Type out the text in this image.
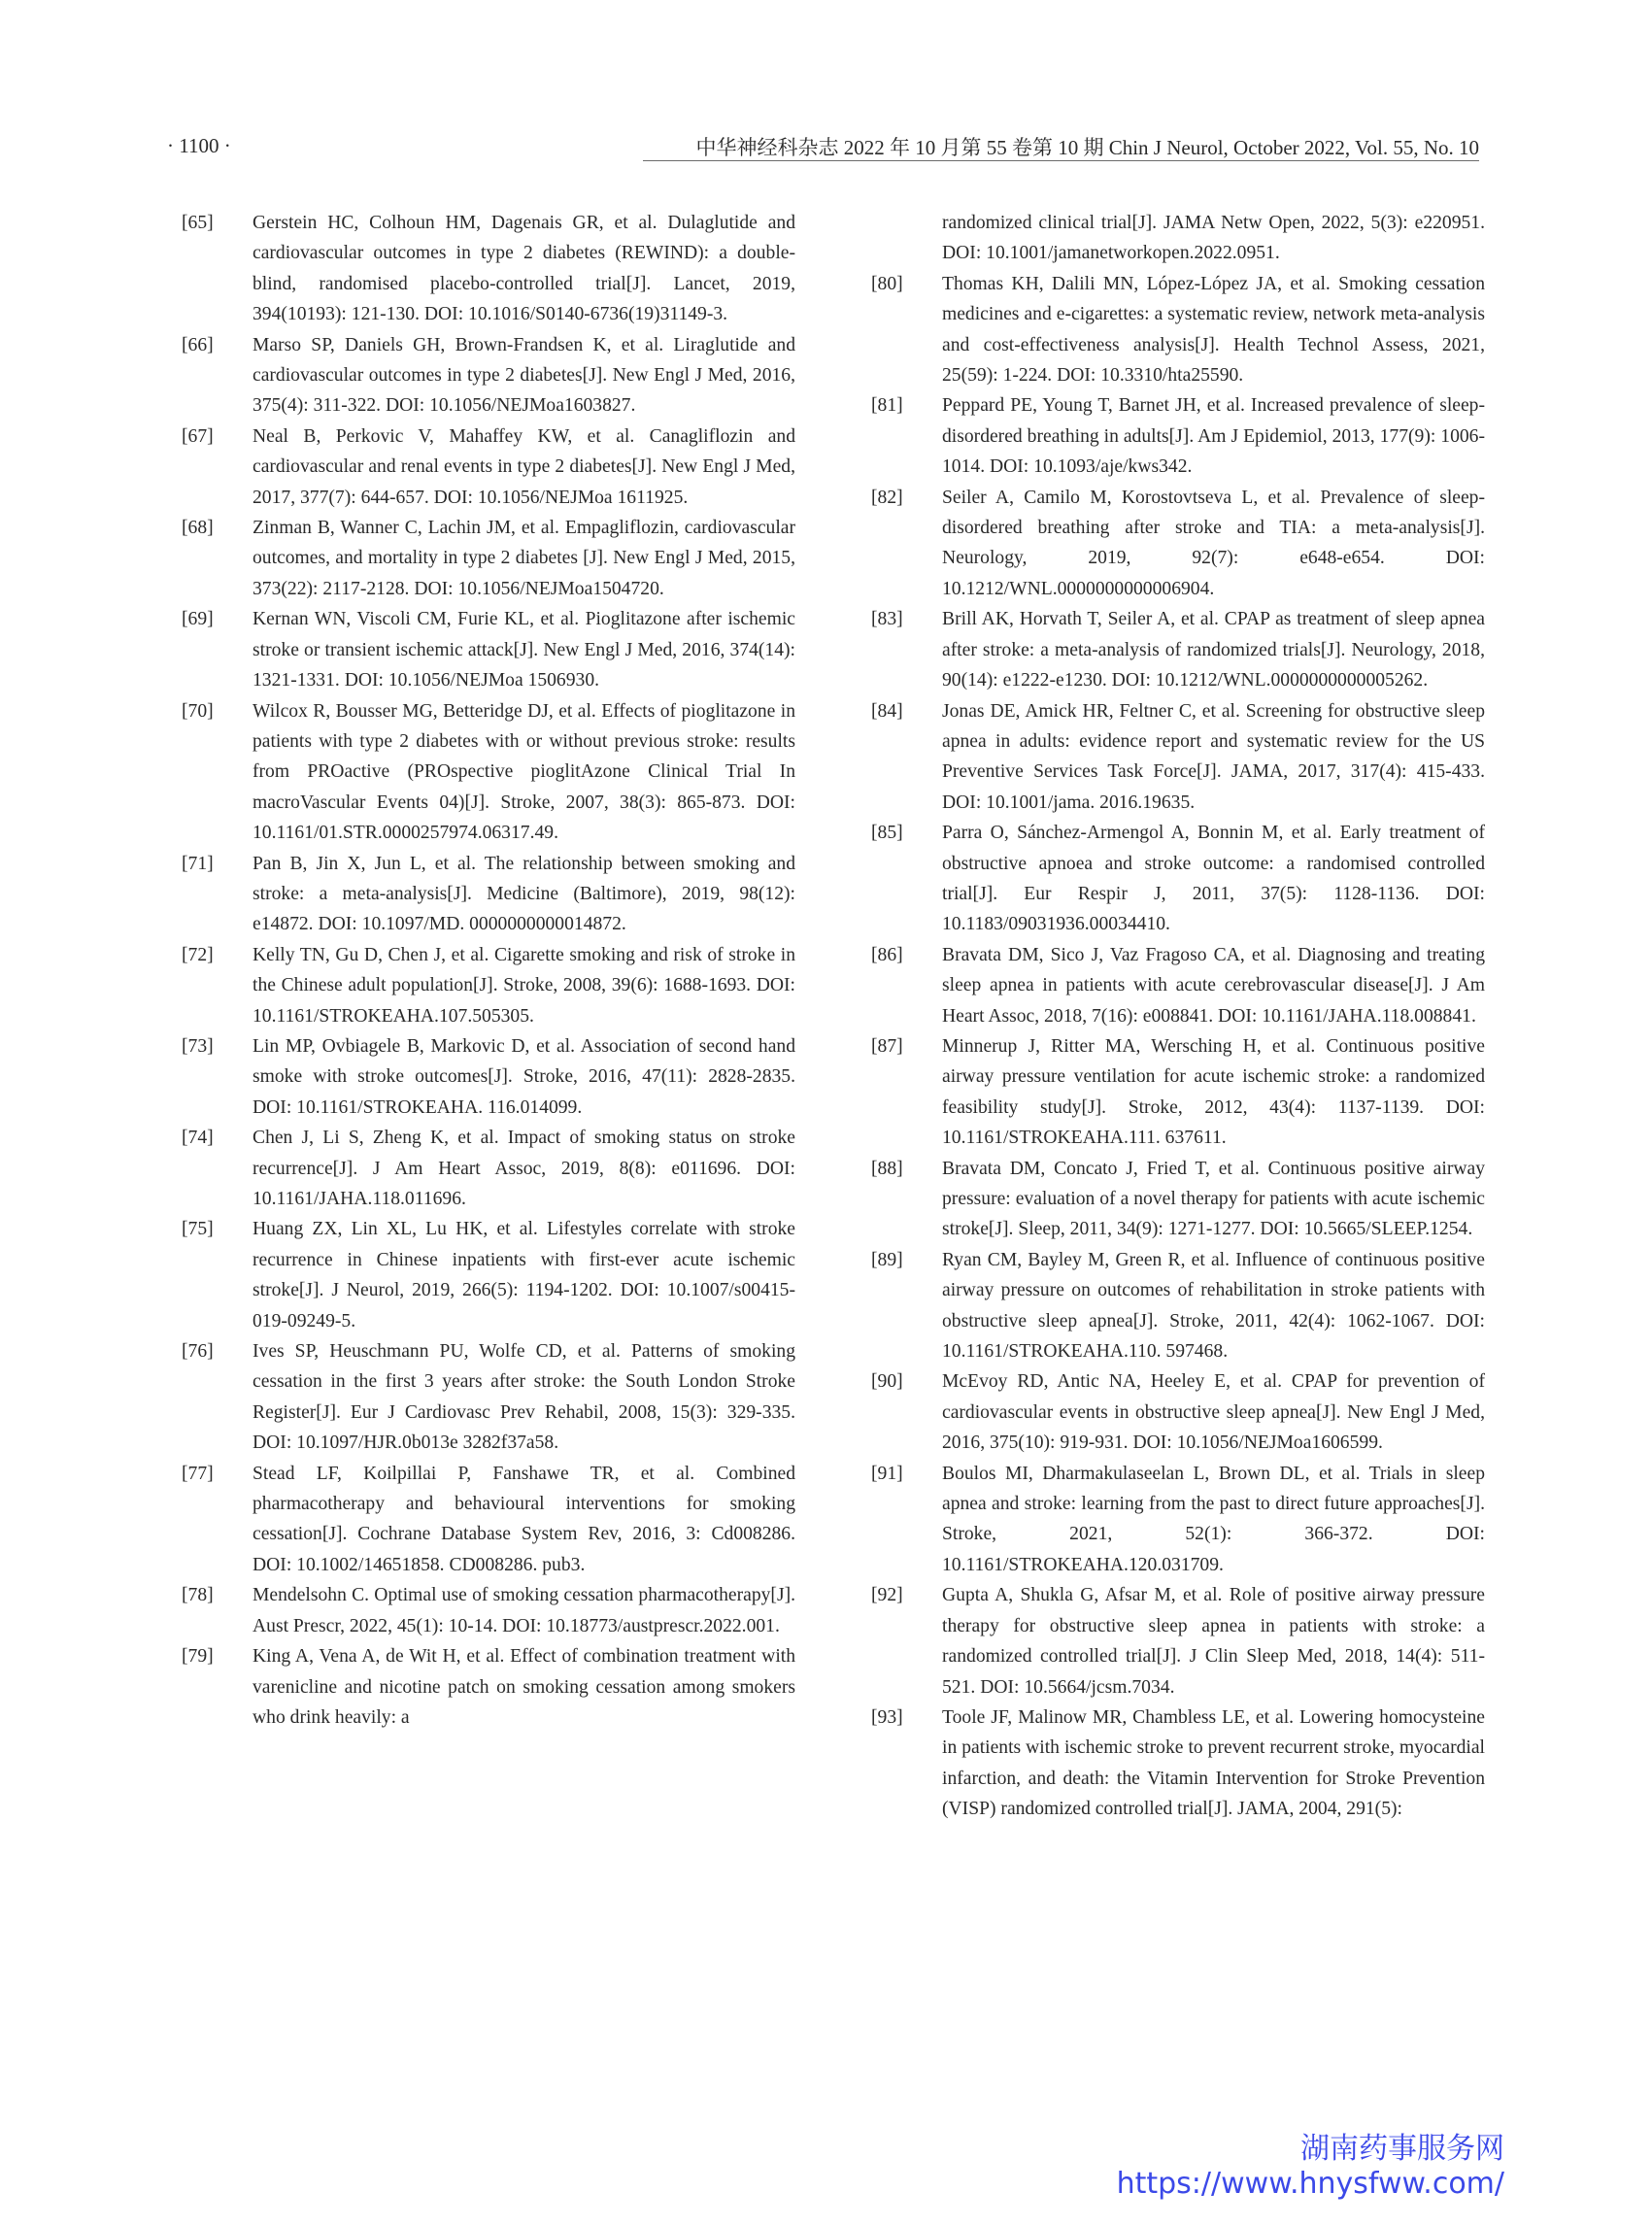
· 1100 ·	中华神经科杂志 2022 年 10 月第 55 卷第 10 期 Chin J Neurol, October 2022, Vol. 55, No. 10
[65]	Gerstein HC, Colhoun HM, Dagenais GR, et al. Dulaglutide and cardiovascular outcomes in type 2 diabetes (REWIND): a double-blind, randomised placebo-controlled trial[J]. Lancet, 2019, 394(10193): 121-130. DOI: 10.1016/S0140-6736(19)31149-3.
[66]	Marso SP, Daniels GH, Brown-Frandsen K, et al. Liraglutide and cardiovascular outcomes in type 2 diabetes[J]. New Engl J Med, 2016, 375(4): 311-322. DOI: 10.1056/NEJMoa1603827.
[67]	Neal B, Perkovic V, Mahaffey KW, et al. Canagliflozin and cardiovascular and renal events in type 2 diabetes[J]. New Engl J Med, 2017, 377(7): 644-657. DOI: 10.1056/NEJMoa 1611925.
[68]	Zinman B, Wanner C, Lachin JM, et al. Empagliflozin, cardiovascular outcomes, and mortality in type 2 diabetes [J]. New Engl J Med, 2015, 373(22): 2117-2128. DOI: 10.1056/NEJMoa1504720.
[69]	Kernan WN, Viscoli CM, Furie KL, et al. Pioglitazone after ischemic stroke or transient ischemic attack[J]. New Engl J Med, 2016, 374(14): 1321-1331. DOI: 10.1056/NEJMoa 1506930.
[70]	Wilcox R, Bousser MG, Betteridge DJ, et al. Effects of pioglitazone in patients with type 2 diabetes with or without previous stroke: results from PROactive (PROspective pioglitAzone Clinical Trial In macroVascular Events 04)[J]. Stroke, 2007, 38(3): 865-873. DOI: 10.1161/01.STR.0000257974.06317.49.
[71]	Pan B, Jin X, Jun L, et al. The relationship between smoking and stroke: a meta-analysis[J]. Medicine (Baltimore), 2019, 98(12): e14872. DOI: 10.1097/MD. 0000000000014872.
[72]	Kelly TN, Gu D, Chen J, et al. Cigarette smoking and risk of stroke in the Chinese adult population[J]. Stroke, 2008, 39(6): 1688-1693. DOI: 10.1161/STROKEAHA.107.505305.
[73]	Lin MP, Ovbiagele B, Markovic D, et al. Association of second hand smoke with stroke outcomes[J]. Stroke, 2016, 47(11): 2828-2835. DOI: 10.1161/STROKEAHA. 116.014099.
[74]	Chen J, Li S, Zheng K, et al. Impact of smoking status on stroke recurrence[J]. J Am Heart Assoc, 2019, 8(8): e011696. DOI: 10.1161/JAHA.118.011696.
[75]	Huang ZX, Lin XL, Lu HK, et al. Lifestyles correlate with stroke recurrence in Chinese inpatients with first-ever acute ischemic stroke[J]. J Neurol, 2019, 266(5): 1194-1202. DOI: 10.1007/s00415-019-09249-5.
[76]	Ives SP, Heuschmann PU, Wolfe CD, et al. Patterns of smoking cessation in the first 3 years after stroke: the South London Stroke Register[J]. Eur J Cardiovasc Prev Rehabil, 2008, 15(3): 329-335. DOI: 10.1097/HJR.0b013e 3282f37a58.
[77]	Stead LF, Koilpillai P, Fanshawe TR, et al. Combined pharmacotherapy and behavioural interventions for smoking cessation[J]. Cochrane Database System Rev, 2016, 3: Cd008286. DOI: 10.1002/14651858. CD008286. pub3.
[78]	Mendelsohn C. Optimal use of smoking cessation pharmacotherapy[J]. Aust Prescr, 2022, 45(1): 10-14. DOI: 10.18773/austprescr.2022.001.
[79]	King A, Vena A, de Wit H, et al. Effect of combination treatment with varenicline and nicotine patch on smoking cessation among smokers who drink heavily: a

randomized clinical trial[J]. JAMA Netw Open, 2022, 5(3): e220951. DOI: 10.1001/jamanetworkopen.2022.0951.

[80]	Thomas KH, Dalili MN, López-López JA, et al. Smoking cessation medicines and e-cigarettes: a systematic review, network meta-analysis and cost-effectiveness analysis[J]. Health Technol Assess, 2021, 25(59): 1-224. DOI: 10.3310/hta25590.
[81]	Peppard PE, Young T, Barnet JH, et al. Increased prevalence of sleep-disordered breathing in adults[J]. Am J Epidemiol, 2013, 177(9): 1006-1014. DOI: 10.1093/aje/kws342.
[82]	Seiler A, Camilo M, Korostovtseva L, et al. Prevalence of sleep-disordered breathing after stroke and TIA: a meta-analysis[J]. Neurology, 2019, 92(7): e648-e654. DOI: 10.1212/WNL.0000000000006904.
[83]	Brill AK, Horvath T, Seiler A, et al. CPAP as treatment of sleep apnea after stroke: a meta-analysis of randomized trials[J]. Neurology, 2018, 90(14): e1222-e1230. DOI: 10.1212/WNL.0000000000005262.
[84]	Jonas DE, Amick HR, Feltner C, et al. Screening for obstructive sleep apnea in adults: evidence report and systematic review for the US Preventive Services Task Force[J]. JAMA, 2017, 317(4): 415-433. DOI: 10.1001/jama. 2016.19635.
[85]	Parra O, Sánchez-Armengol A, Bonnin M, et al. Early treatment of obstructive apnoea and stroke outcome: a randomised controlled trial[J]. Eur Respir J, 2011, 37(5): 1128-1136. DOI: 10.1183/09031936.00034410.
[86]	Bravata DM, Sico J, Vaz Fragoso CA, et al. Diagnosing and treating sleep apnea in patients with acute cerebrovascular disease[J]. J Am Heart Assoc, 2018, 7(16): e008841. DOI: 10.1161/JAHA.118.008841.
[87]	Minnerup J, Ritter MA, Wersching H, et al. Continuous positive airway pressure ventilation for acute ischemic stroke: a randomized feasibility study[J]. Stroke, 2012, 43(4): 1137-1139. DOI: 10.1161/STROKEAHA.111. 637611.
[88]	Bravata DM, Concato J, Fried T, et al. Continuous positive airway pressure: evaluation of a novel therapy for patients with acute ischemic stroke[J]. Sleep, 2011, 34(9): 1271-1277. DOI: 10.5665/SLEEP.1254.
[89]	Ryan CM, Bayley M, Green R, et al. Influence of continuous positive airway pressure on outcomes of rehabilitation in stroke patients with obstructive sleep apnea[J]. Stroke, 2011, 42(4): 1062-1067. DOI: 10.1161/STROKEAHA.110. 597468.
[90]	McEvoy RD, Antic NA, Heeley E, et al. CPAP for prevention of cardiovascular events in obstructive sleep apnea[J]. New Engl J Med, 2016, 375(10): 919-931. DOI: 10.1056/NEJMoa1606599.
[91]	Boulos MI, Dharmakulaseelan L, Brown DL, et al. Trials in sleep apnea and stroke: learning from the past to direct future approaches[J]. Stroke, 2021, 52(1): 366-372. DOI: 10.1161/STROKEAHA.120.031709.
[92]	Gupta A, Shukla G, Afsar M, et al. Role of positive airway pressure therapy for obstructive sleep apnea in patients with stroke: a randomized controlled trial[J]. J Clin Sleep Med, 2018, 14(4): 511-521. DOI: 10.5664/jcsm.7034.
[93]	Toole JF, Malinow MR, Chambless LE, et al. Lowering homocysteine in patients with ischemic stroke to prevent recurrent stroke, myocardial infarction, and death: the Vitamin Intervention for Stroke Prevention (VISP) randomized controlled trial[J]. JAMA, 2004, 291(5):
湖南药事服务网
https://www.hnysfww.com/
